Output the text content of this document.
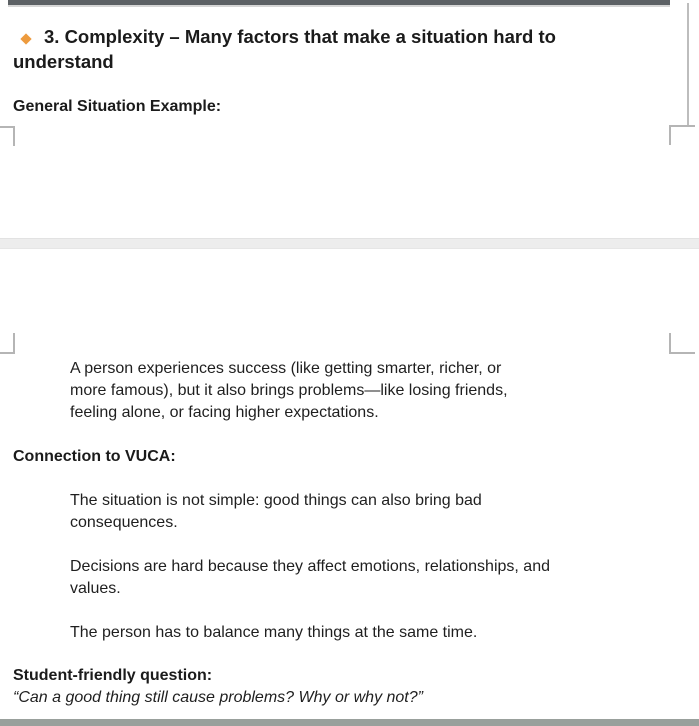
3. Complexity – Many factors that make a situation hard to
understand
General Situation Example:
A person experiences success (like getting smarter, richer, or
more famous), but it also brings problems—like losing friends,
feeling alone, or facing higher expectations.
Connection to VUCA:
The situation is not simple: good things can also bring bad
consequences.
Decisions are hard because they affect emotions, relationships, and
values.
The person has to balance many things at the same time.
Student-friendly question:
“Can a good thing still cause problems? Why or why not?”
